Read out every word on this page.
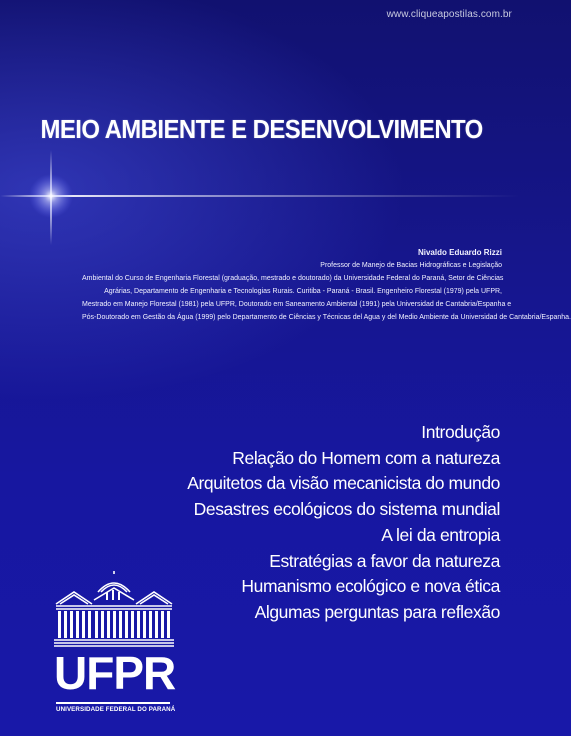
www.cliqueapostilas.com.br
MEIO AMBIENTE E DESENVOLVIMENTO
Nivaldo Eduardo Rizzi
Professor de Manejo de Bacias Hidrográficas e Legislação
Ambiental do Curso de Engenharia Florestal (graduação, mestrado e doutorado) da Universidade Federal do Paraná, Setor de Ciências
Agrárias, Departamento de Engenharia e Tecnologias Rurais. Curitiba - Paraná - Brasil. Engenheiro Florestal (1979) pela UFPR,
Mestrado em Manejo Florestal (1981) pela UFPR, Doutorado em Saneamento Ambiental (1991) pela Universidad de Cantabria/Espanha e
Pós-Doutorado em Gestão da Água (1999) pelo Departamento de Ciências y Técnicas del Agua y del Medio Ambiente da Universidad de Cantabria/Espanha.
Introdução
Relação do Homem com a natureza
Arquitetos da visão mecanicista do mundo
Desastres ecológicos do sistema mundial
A lei da entropia
Estratégias a favor da natureza
Humanismo ecológico e nova ética
Algumas perguntas para reflexão
UFPR
UNIVERSIDADE FEDERAL DO PARANÁ
